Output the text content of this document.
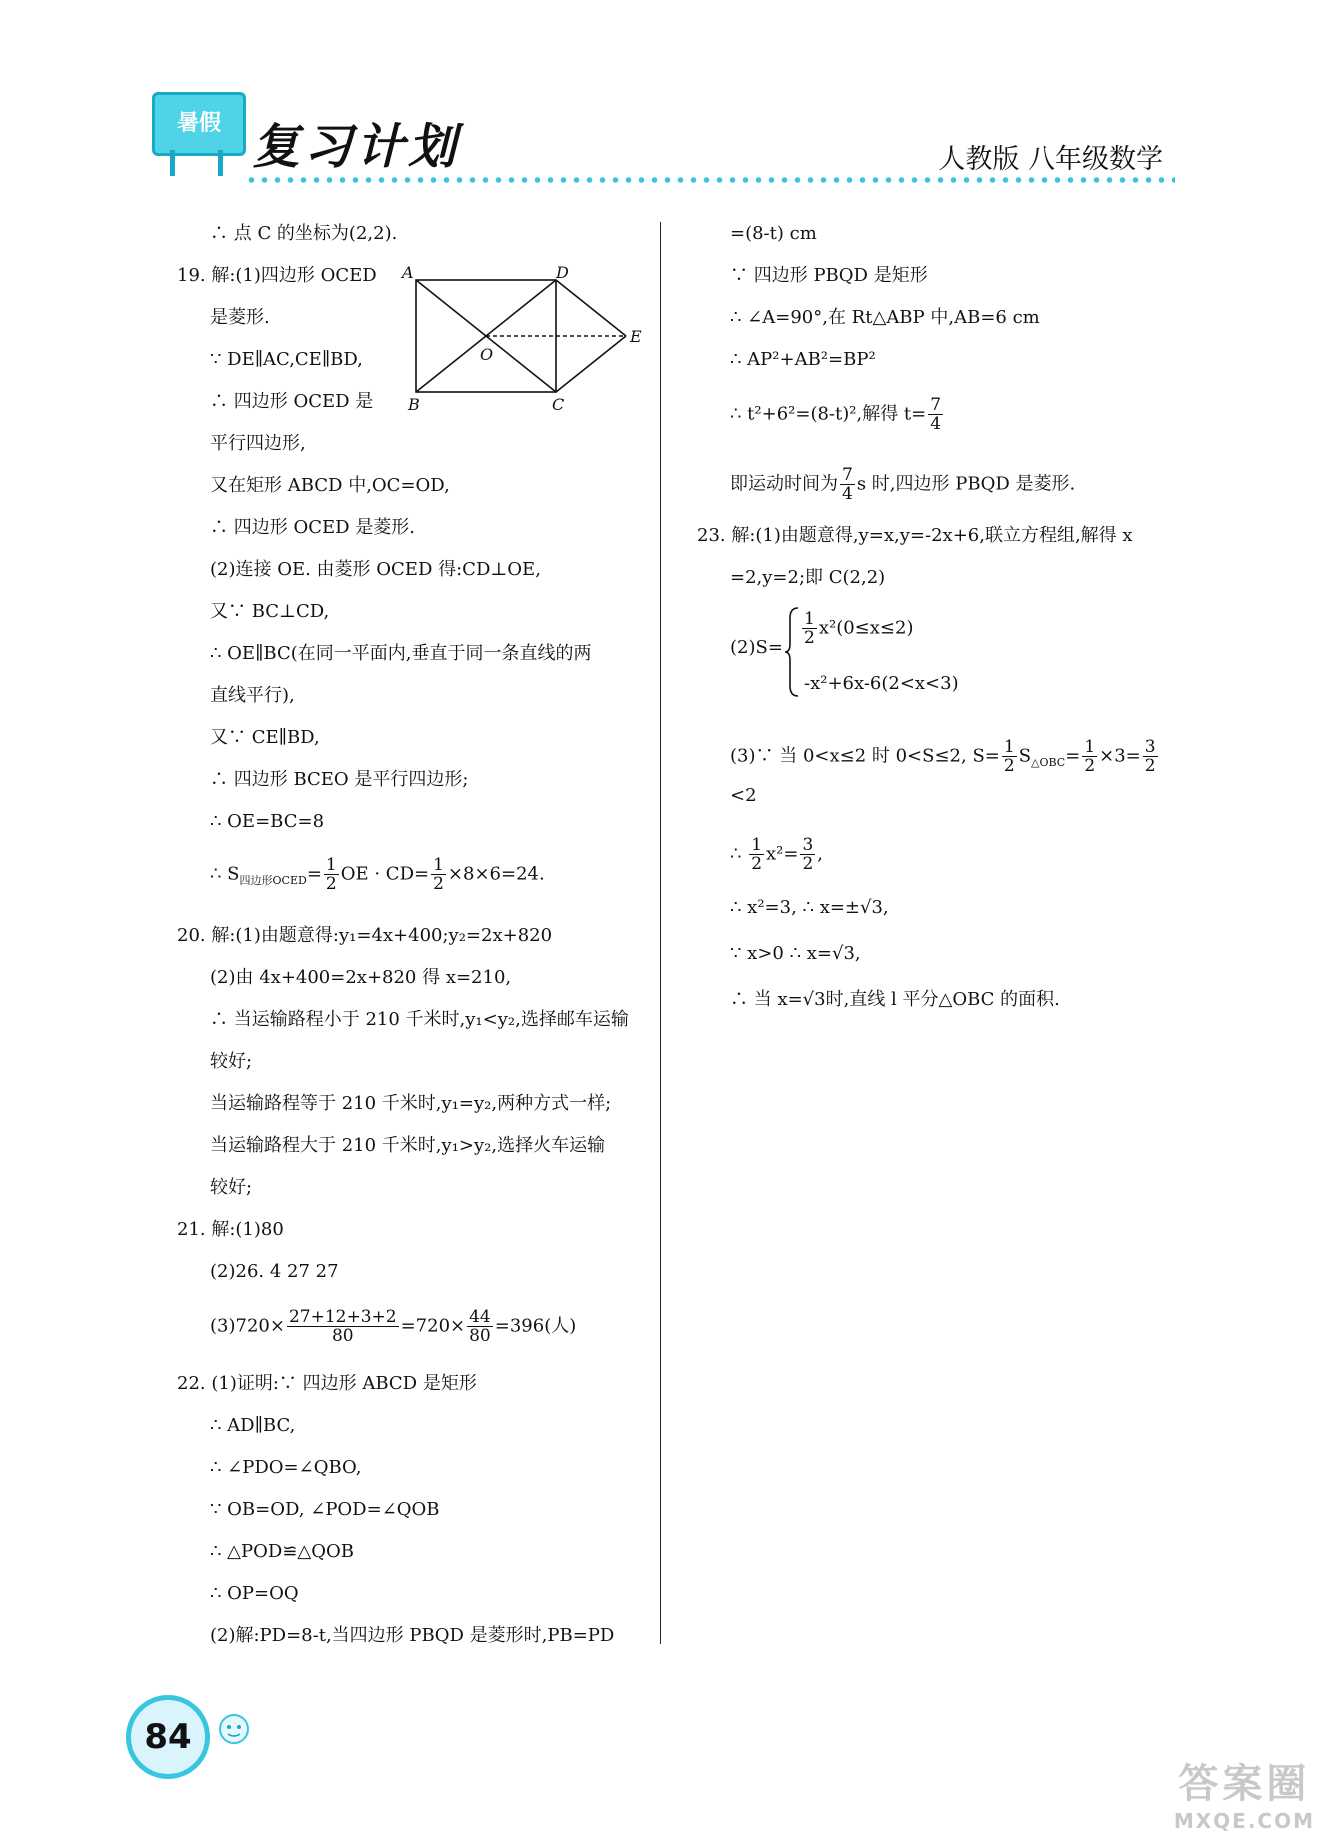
暑假 复习计划	人教版 八年级数学
∴ 点 C 的坐标为(2,2).
19. 解:(1)四边形 OCED
是菱形.
∵ DE∥AC,CE∥BD,
∴ 四边形 OCED 是
平行四边形,
又在矩形 ABCD 中,OC=OD,
∴ 四边形 OCED 是菱形.
(2)连接 OE. 由菱形 OCED 得:CD⊥OE,
又∵ BC⊥CD,
∴ OE∥BC(在同一平面内,垂直于同一条直线的两
直线平行),
又∵ CE∥BD,
∴ 四边形 BCEO 是平行四边形;
∴ OE=BC=8
∴ $S_{四边形OCED}= \frac{1}{2}$ OE · $CD= \frac{1}{2} \times 8\times 6=24$.
20. 解:(1)由题意得:y₁=4x+400;y₂=2x+820
(2)由 4x+400=2x+820 得 x=210,
∴ 当运输路程小于 210 千米时,y₁<y₂,选择邮车运输
较好;
当运输路程等于 210 千米时,y₁=y₂,两种方式一样;
当运输路程大于 210 千米时,y₁>y₂,选择火车运输
较好;
21. 解:(1)80
(2)26. 4 27 27
$(3)720\times \frac{27+12+3+2}{80} =720\times \frac{44}{80} =396$(人)
22. (1)证明:∵ 四边形 ABCD 是矩形
∴ AD∥BC,
∴ ∠PDO=∠QBO,
∵ OB=OD, ∠POD=∠QOB
∴ △POD≌△QOB
∴ OP=OQ
(2)解:PD=8-t,当四边形 PBQD 是菱形时,PB=PD
A	D
B	C
O
E
=(8-t) cm
∵ 四边形 PBQD 是矩形
∴ ∠A=90°,在 Rt△ABP 中,AB=6 cm
∴ AP²+AB²=BP²
∴ t²+6²=(8-t)²,解得 $t= \frac{7}{4}$
即运动时间为 $\frac{7}{4}$ s 时,四边形 PBQD 是菱形.
23. 解:(1)由题意得,y=x,y=-2x+6,联立方程组,解得 x
=2,y=2;即 C(2,2)
(2)S=
$\frac{1}{2} x^2(0\le x\le 2)$
-x²+6x-6(2<x<3)
(3)∵ 当 0<x≤2 时 0<S≤2, $S= \frac{1}{2} S_{\triangle OBC}= \frac{1}{2} \times 3= \frac{3}{2}$
<2
∴ $\frac{1}{2} x^2= \frac{3}{2}$ ,
∴ x²=3, ∴ x=±√3,
∵ x>0 ∴ x=√3,
∴ 当 x=√3时,直线 l 平分△OBC 的面积.
84
答案圈
MXQE.COM
